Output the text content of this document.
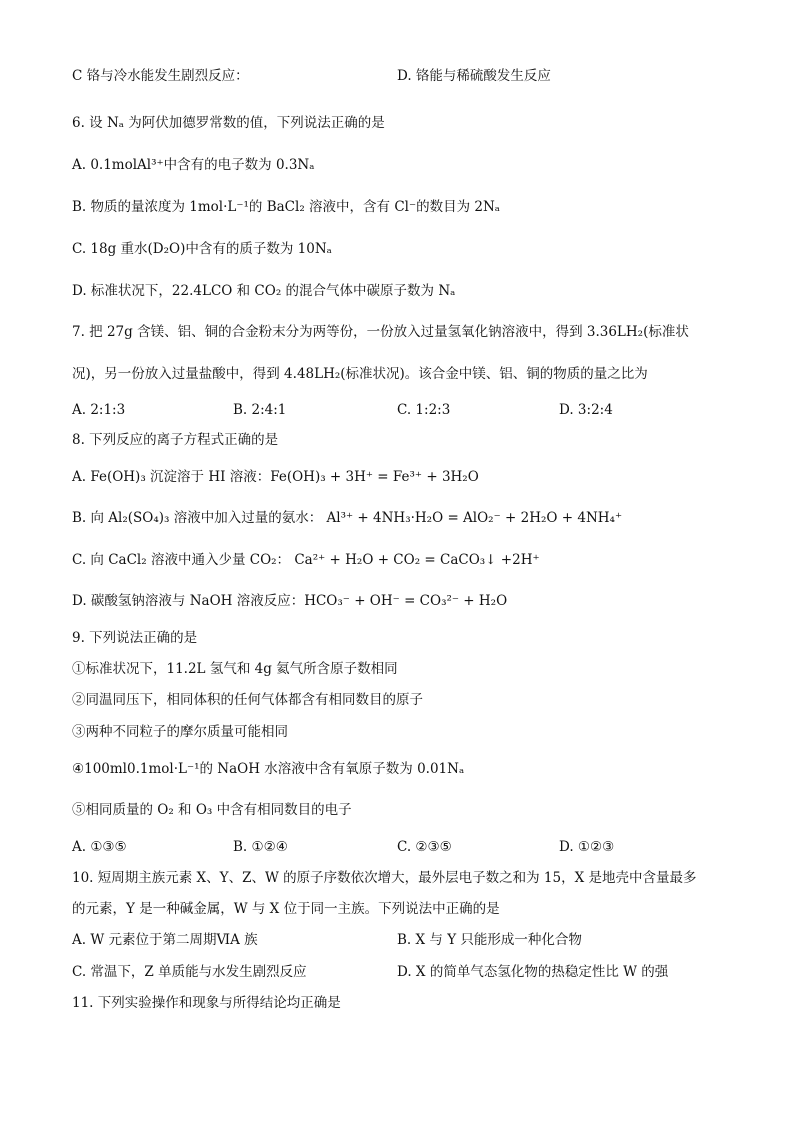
C 铬与冷水能发生剧烈反应：	D. 铬能与稀硫酸发生反应
6. 设 Nₐ 为阿伏加德罗常数的值，下列说法正确的是
A. 0.1molAl³⁺中含有的电子数为 0.3Nₐ
B. 物质的量浓度为 1mol·L⁻¹的 BaCl₂ 溶液中，含有 Cl⁻的数目为 2Nₐ
C. 18g 重水(D₂O)中含有的质子数为 10Nₐ
D. 标准状况下，22.4LCO 和 CO₂ 的混合气体中碳原子数为 Nₐ
7. 把 27g 含镁、铝、铜的合金粉末分为两等份，一份放入过量氢氧化钠溶液中，得到 3.36LH₂(标准状
况)，另一份放入过量盐酸中，得到 4.48LH₂(标准状况)。该合金中镁、铝、铜的物质的量之比为
A. 2:1:3	B. 2:4:1	C. 1:2:3	D. 3:2:4
8. 下列反应的离子方程式正确的是
A. Fe(OH)₃ 沉淀溶于 HI 溶液：Fe(OH)₃ + 3H⁺ = Fe³⁺ + 3H₂O
B. 向 Al₂(SO₄)₃ 溶液中加入过量的氨水： Al³⁺ + 4NH₃·H₂O = AlO₂⁻ + 2H₂O + 4NH₄⁺
C. 向 CaCl₂ 溶液中通入少量 CO₂： Ca²⁺ + H₂O + CO₂ = CaCO₃↓ +2H⁺
D. 碳酸氢钠溶液与 NaOH 溶液反应：HCO₃⁻ + OH⁻ = CO₃²⁻ + H₂O
9. 下列说法正确的是
①标准状况下，11.2L 氢气和 4g 氦气所含原子数相同
②同温同压下，相同体积的任何气体都含有相同数目的原子
③两种不同粒子的摩尔质量可能相同
④100ml0.1mol·L⁻¹的 NaOH 水溶液中含有氧原子数为 0.01Nₐ
⑤相同质量的 O₂ 和 O₃ 中含有相同数目的电子
A. ①③⑤	B. ①②④	C. ②③⑤	D. ①②③
10. 短周期主族元素 X、Y、Z、W 的原子序数依次增大，最外层电子数之和为 15，X 是地壳中含量最多
的元素，Y 是一种碱金属，W 与 X 位于同一主族。下列说法中正确的是
A. W 元素位于第二周期ⅥA 族	B. X 与 Y 只能形成一种化合物
C. 常温下，Z 单质能与水发生剧烈反应	D. X 的简单气态氢化物的热稳定性比 W 的强
11. 下列实验操作和现象与所得结论均正确是
